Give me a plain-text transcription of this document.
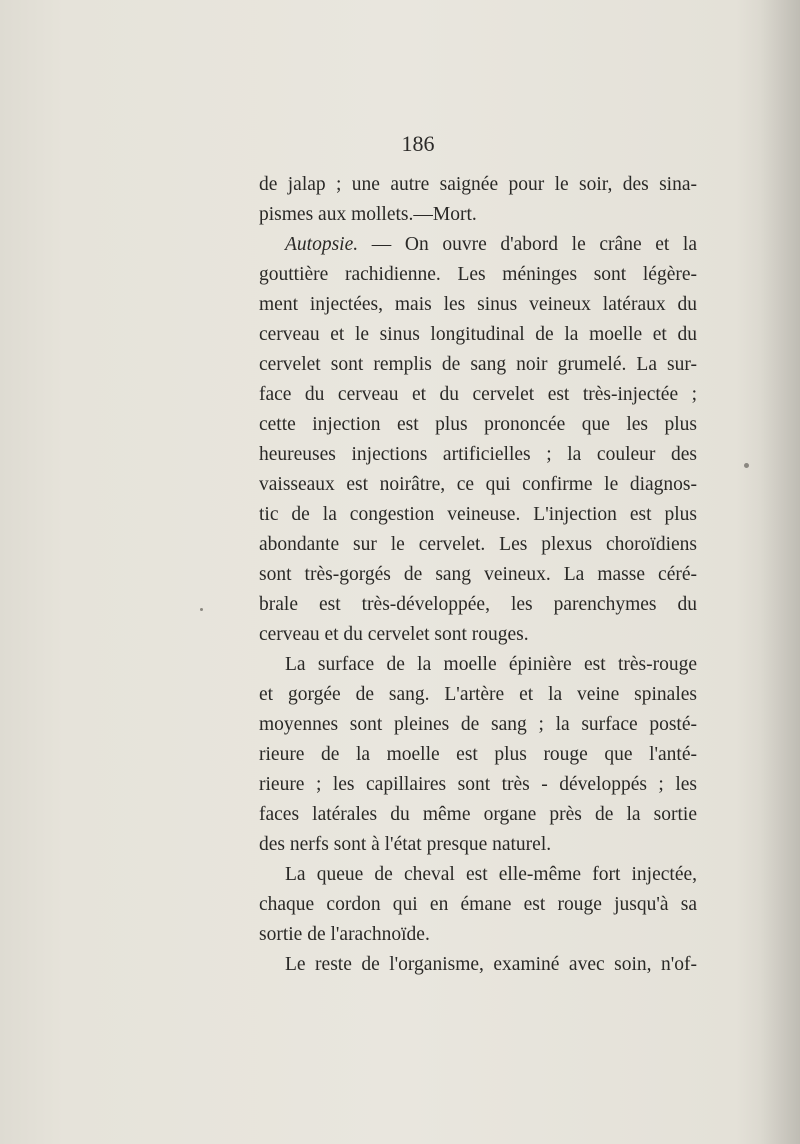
186
de jalap ; une autre saignée pour le soir, des sina-
pismes aux mollets.—Mort.
Autopsie. — On ouvre d'abord le crâne et la
gouttière rachidienne. Les méninges sont légère-
ment injectées, mais les sinus veineux latéraux du
cerveau et le sinus longitudinal de la moelle et du
cervelet sont remplis de sang noir grumelé. La sur-
face du cerveau et du cervelet est très-injectée ;
cette injection est plus prononcée que les plus
heureuses injections artificielles ; la couleur des
vaisseaux est noirâtre, ce qui confirme le diagnos-
tic de la congestion veineuse. L'injection est plus
abondante sur le cervelet. Les plexus choroïdiens
sont très-gorgés de sang veineux. La masse céré-
brale est très-développée, les parenchymes du
cerveau et du cervelet sont rouges.
La surface de la moelle épinière est très-rouge
et gorgée de sang. L'artère et la veine spinales
moyennes sont pleines de sang ; la surface posté-
rieure de la moelle est plus rouge que l'anté-
rieure ; les capillaires sont très - développés ; les
faces latérales du même organe près de la sortie
des nerfs sont à l'état presque naturel.
La queue de cheval est elle-même fort injectée,
chaque cordon qui en émane est rouge jusqu'à sa
sortie de l'arachnoïde.
Le reste de l'organisme, examiné avec soin, n'of-
